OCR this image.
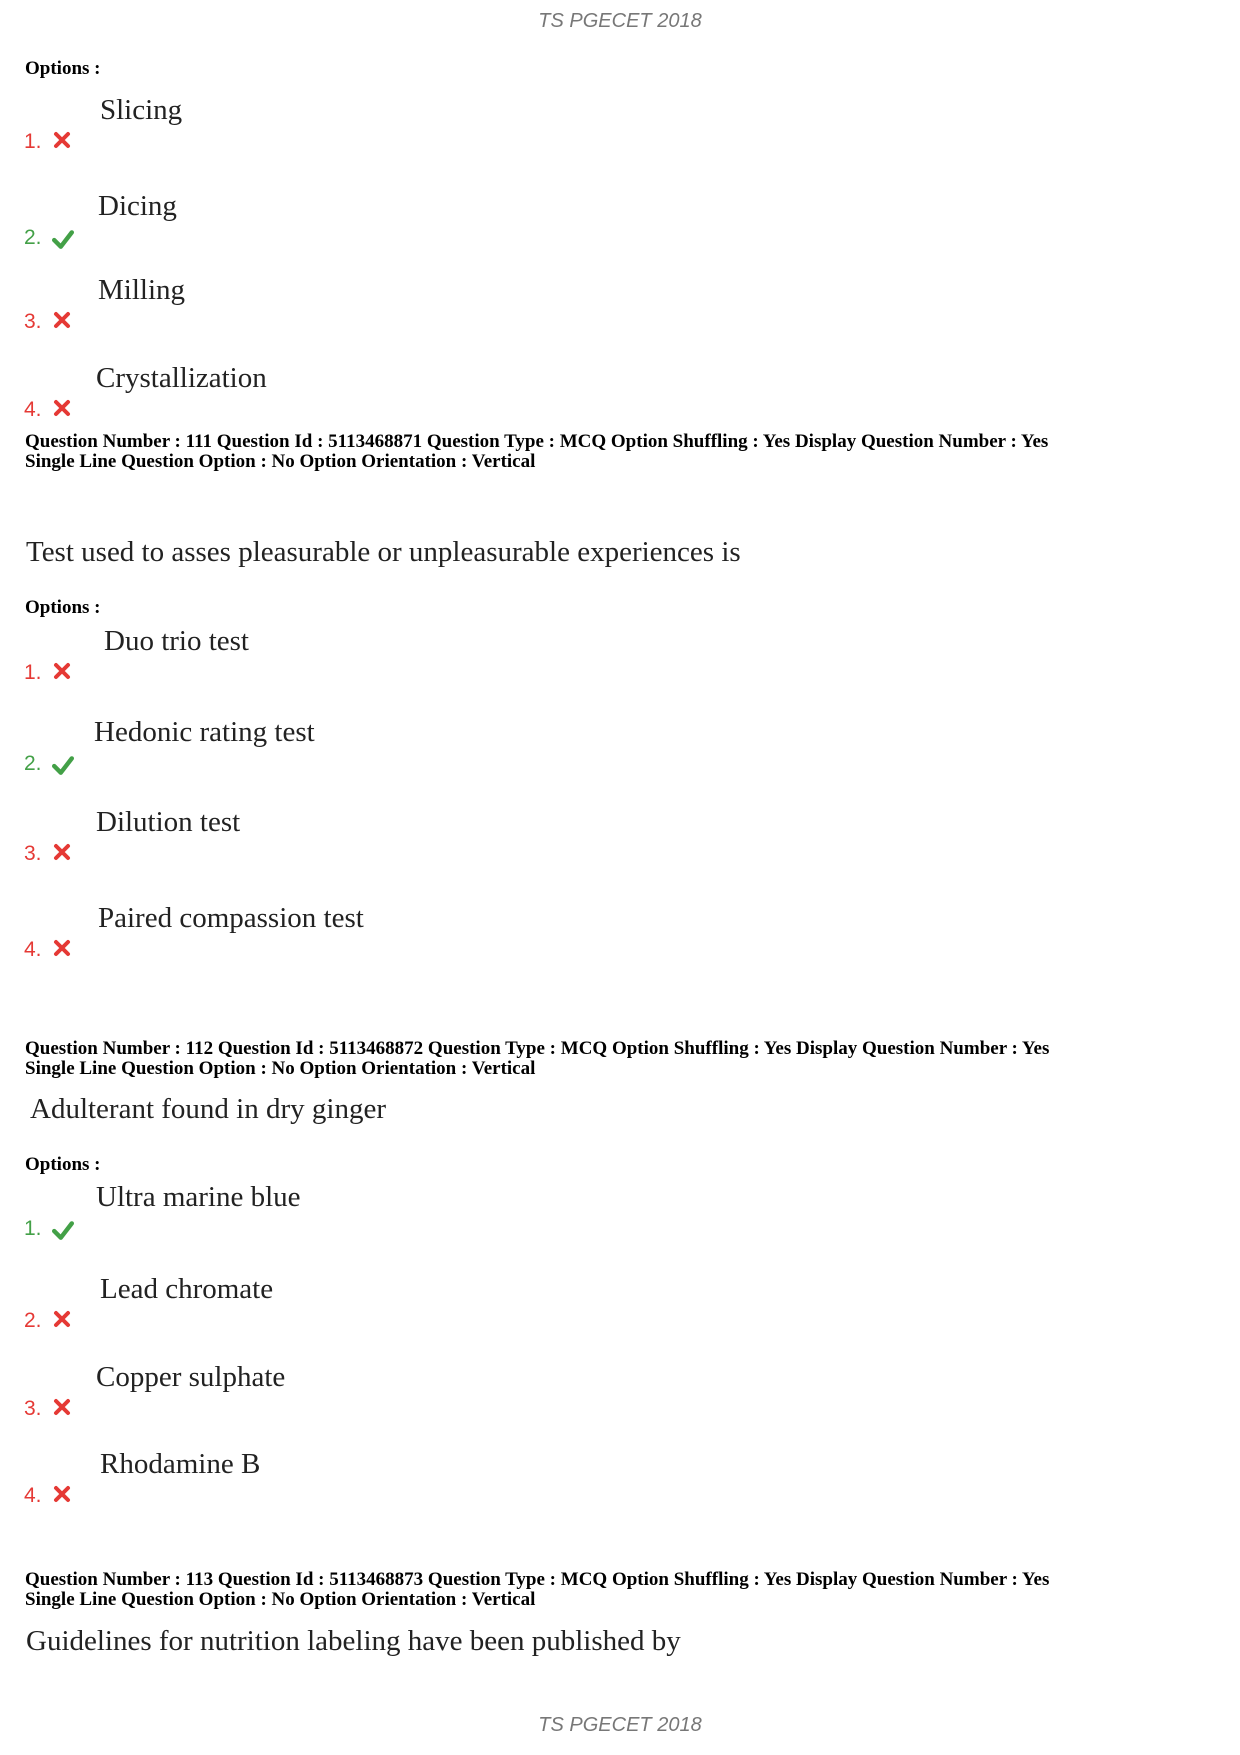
TS PGECET 2018
Options :
1.
Slicing
2.
Dicing
3.
Milling
4.
Crystallization
Question Number : 111 Question Id : 5113468871 Question Type : MCQ Option Shuffling : Yes Display Question Number : Yes
Single Line Question Option : No Option Orientation : Vertical
Test used to asses pleasurable or unpleasurable experiences is
Options :
1.
Duo trio test
2.
Hedonic rating test
3.
Dilution test
4.
Paired compassion test
Question Number : 112 Question Id : 5113468872 Question Type : MCQ Option Shuffling : Yes Display Question Number : Yes
Single Line Question Option : No Option Orientation : Vertical
Adulterant found in dry ginger
Options :
1.
Ultra marine blue
2.
Lead chromate
3.
Copper sulphate
4.
Rhodamine B
Question Number : 113 Question Id : 5113468873 Question Type : MCQ Option Shuffling : Yes Display Question Number : Yes
Single Line Question Option : No Option Orientation : Vertical
Guidelines for nutrition labeling have been published by
TS PGECET 2018
